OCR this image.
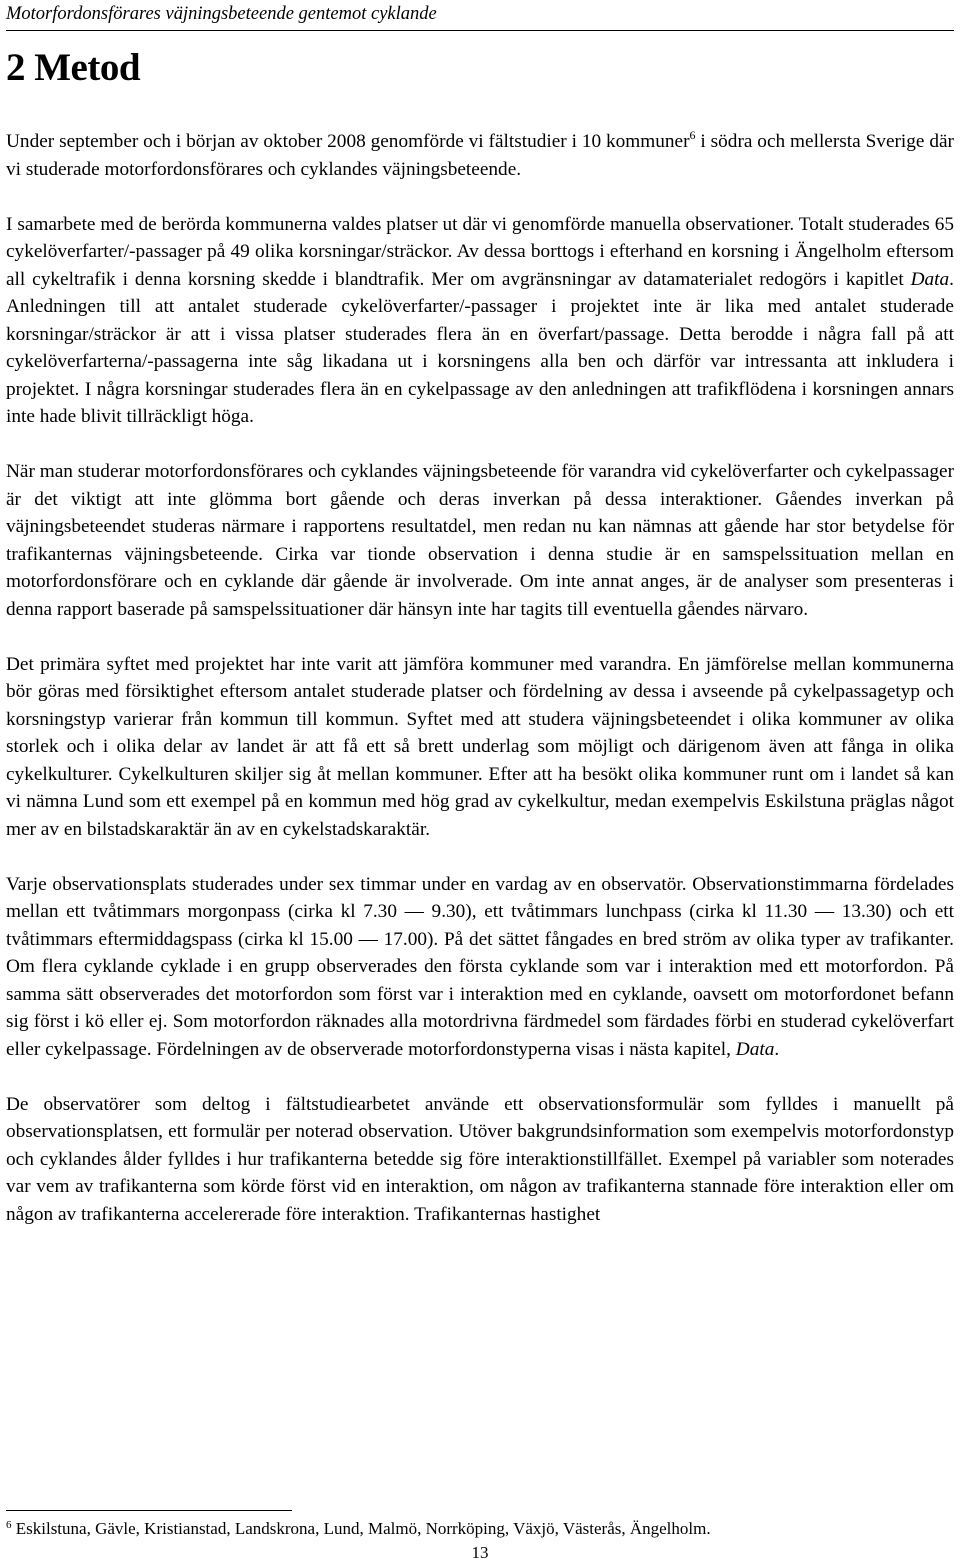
Motorfordonsförares väjningsbeteende gentemot cyklande
2 Metod

Under september och i början av oktober 2008 genomförde vi fältstudier i 10 kommuner$^6$ i södra och mellersta Sverige där vi studerade motorfordonsförares och cyklandes väjningsbeteende.

I samarbete med de berörda kommunerna valdes platser ut där vi genomförde manuella observationer. Totalt studerades 65 cykelöverfarter/-passager på 49 olika korsningar/sträckor. Av dessa borttogs i efterhand en korsning i Ängelholm eftersom all cykeltrafik i denna korsning skedde i blandtrafik. Mer om avgränsningar av datamaterialet redogörs i kapitlet Data. Anledningen till att antalet studerade cykelöverfarter/-passager i projektet inte är lika med antalet studerade korsningar/sträckor är att i vissa platser studerades flera än en överfart/passage. Detta berodde i några fall på att cykelöverfarterna/-passagerna inte såg likadana ut i korsningens alla ben och därför var intressanta att inkludera i projektet. I några korsningar studerades flera än en cykelpassage av den anledningen att trafikflödena i korsningen annars inte hade blivit tillräckligt höga.

När man studerar motorfordonsförares och cyklandes väjningsbeteende för varandra vid cykelöverfarter och cykelpassager är det viktigt att inte glömma bort gående och deras inverkan på dessa interaktioner. Gåendes inverkan på väjningsbeteendet studeras närmare i rapportens resultatdel, men redan nu kan nämnas att gående har stor betydelse för trafikanternas väjningsbeteende. Cirka var tionde observation i denna studie är en samspelssituation mellan en motorfordonsförare och en cyklande där gående är involverade. Om inte annat anges, är de analyser som presenteras i denna rapport baserade på samspelssituationer där hänsyn inte har tagits till eventuella gåendes närvaro.

Det primära syftet med projektet har inte varit att jämföra kommuner med varandra. En jämförelse mellan kommunerna bör göras med försiktighet eftersom antalet studerade platser och fördelning av dessa i avseende på cykelpassagetyp och korsningstyp varierar från kommun till kommun. Syftet med att studera väjningsbeteendet i olika kommuner av olika storlek och i olika delar av landet är att få ett så brett underlag som möjligt och därigenom även att fånga in olika cykelkulturer. Cykelkulturen skiljer sig åt mellan kommuner. Efter att ha besökt olika kommuner runt om i landet så kan vi nämna Lund som ett exempel på en kommun med hög grad av cykelkultur, medan exempelvis Eskilstuna präglas något mer av en bilstadskaraktär än av en cykelstadskaraktär.

Varje observationsplats studerades under sex timmar under en vardag av en observatör. Observationstimmarna fördelades mellan ett tvåtimmars morgonpass (cirka kl 7.30 — 9.30), ett tvåtimmars lunchpass (cirka kl 11.30 — 13.30) och ett tvåtimmars eftermiddagspass (cirka kl 15.00 — 17.00). På det sättet fångades en bred ström av olika typer av trafikanter. Om flera cyklande cyklade i en grupp observerades den första cyklande som var i interaktion med ett motorfordon. På samma sätt observerades det motorfordon som först var i interaktion med en cyklande, oavsett om motorfordonet befann sig först i kö eller ej. Som motorfordon räknades alla motordrivna färdmedel som färdades förbi en studerad cykelöverfart eller cykelpassage. Fördelningen av de observerade motorfordonstyperna visas i nästa kapitel, Data.

De observatörer som deltog i fältstudiearbetet använde ett observationsformulär som fylldes i manuellt på observationsplatsen, ett formulär per noterad observation. Utöver bakgrundsinformation som exempelvis motorfordonstyp och cyklandes ålder fylldes i hur trafikanterna betedde sig före interaktionstillfället. Exempel på variabler som noterades var vem av trafikanterna som körde först vid en interaktion, om någon av trafikanterna stannade före interaktion eller om någon av trafikanterna accelererade före interaktion. Trafikanternas hastighet

$^6$ Eskilstuna, Gävle, Kristianstad, Landskrona, Lund, Malmö, Norrköping, Växjö, Västerås, Ängelholm.
13
